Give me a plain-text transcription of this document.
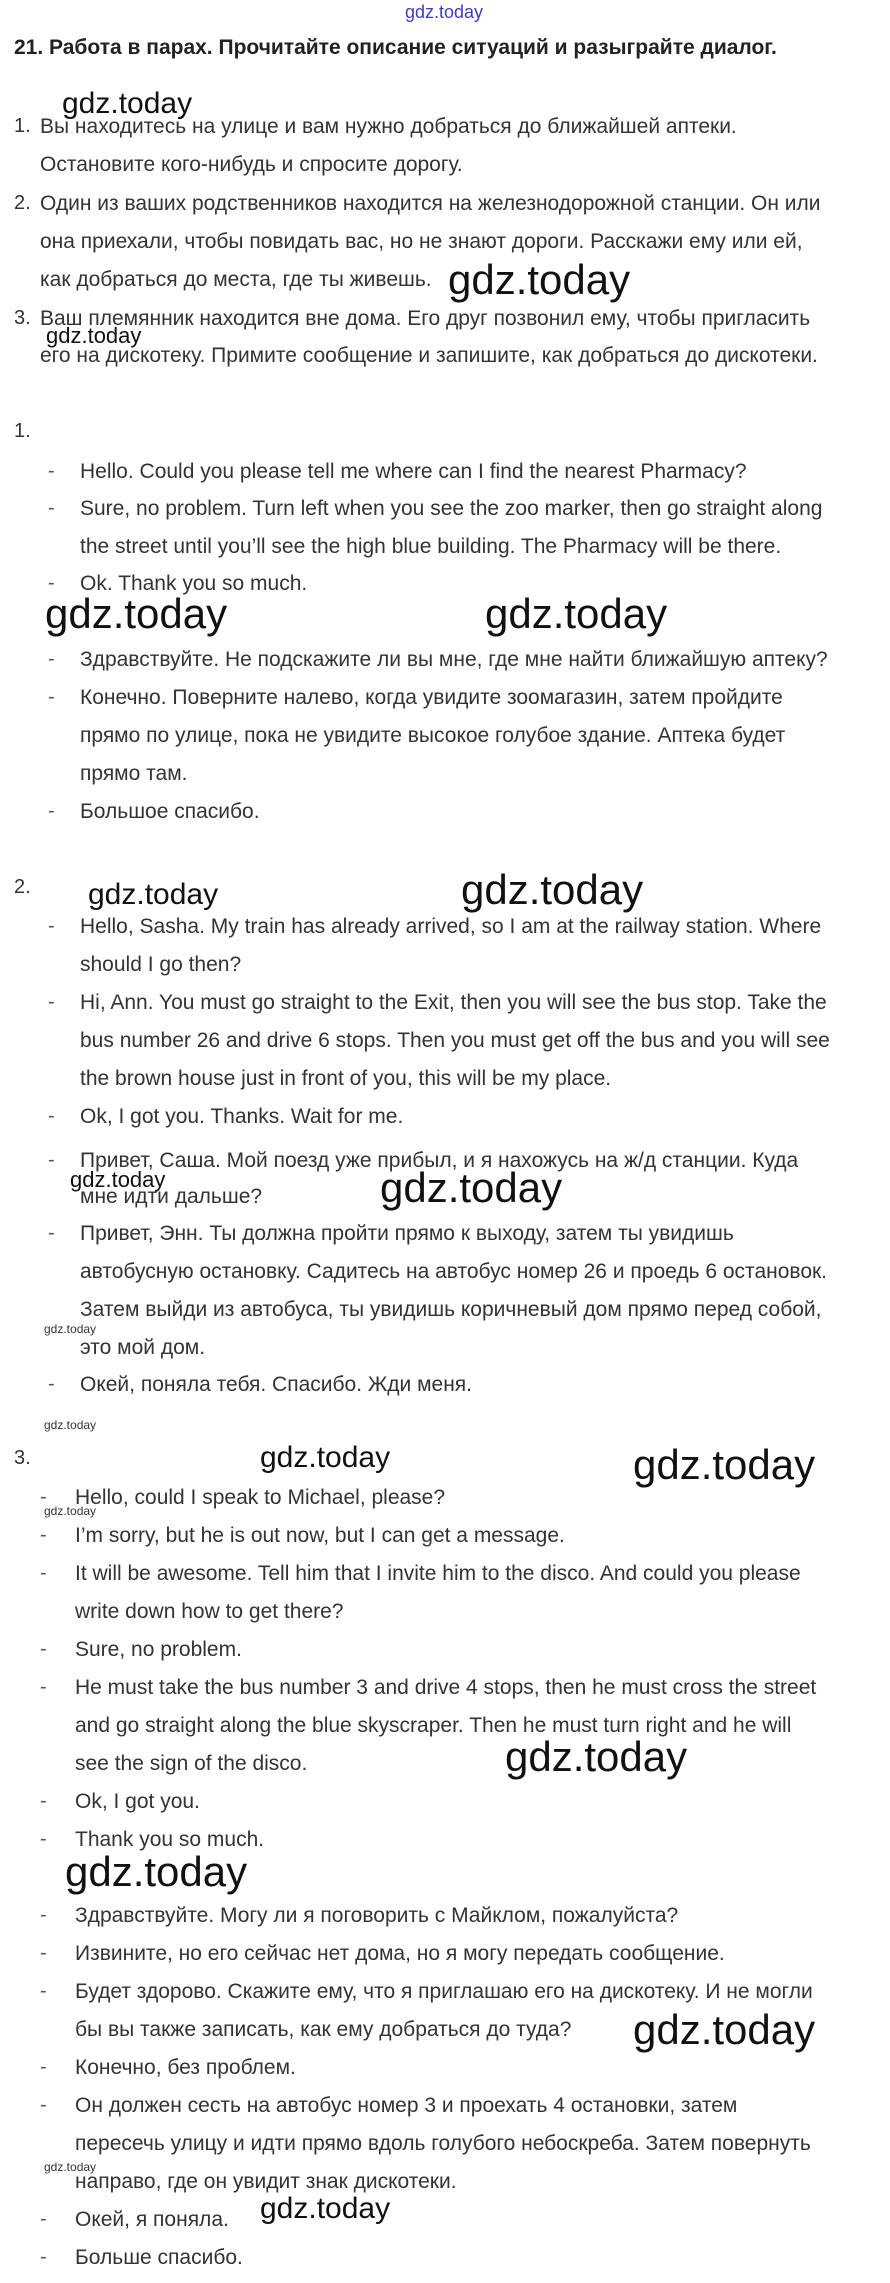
gdz.today
21. Работа в парах. Прочитайте описание ситуаций и разыграйте диалог.
1. Вы находитесь на улице и вам нужно добраться до ближайшей аптеки.
Остановите кого-нибудь и спросите дорогу.
2. Один из ваших родственников находится на железнодорожной станции. Он или
она приехали, чтобы повидать вас, но не знают дороги. Расскажи ему или ей,
как добраться до места, где ты живешь.
3. Ваш племянник находится вне дома. Его друг позвонил ему, чтобы пригласить
его на дискотеку. Примите сообщение и запишите, как добраться до дискотеки.
1.
- Hello. Could you please tell me where can I find the nearest Pharmacy?
- Sure, no problem. Turn left when you see the zoo marker, then go straight along
the street until you’ll see the high blue building. The Pharmacy will be there.
- Ok. Thank you so much.
- Здравствуйте. Не подскажите ли вы мне, где мне найти ближайшую аптеку?
- Конечно. Поверните налево, когда увидите зоомагазин, затем пройдите
прямо по улице, пока не увидите высокое голубое здание. Аптека будет
прямо там.
- Большое спасибо.
2.
- Hello, Sasha. My train has already arrived, so I am at the railway station. Where
should I go then?
- Hi, Ann. You must go straight to the Exit, then you will see the bus stop. Take the
bus number 26 and drive 6 stops. Then you must get off the bus and you will see
the brown house just in front of you, this will be my place.
- Ok, I got you. Thanks. Wait for me.
- Привет, Саша. Мой поезд уже прибыл, и я нахожусь на ж/д станции. Куда
мне идти дальше?
- Привет, Энн. Ты должна пройти прямо к выходу, затем ты увидишь
автобусную остановку. Садитесь на автобус номер 26 и проедь 6 остановок.
Затем выйди из автобуса, ты увидишь коричневый дом прямо перед собой,
это мой дом.
- Окей, поняла тебя. Спасибо. Жди меня.
3.
- Hello, could I speak to Michael, please?
- I’m sorry, but he is out now, but I can get a message.
- It will be awesome. Tell him that I invite him to the disco. And could you please
write down how to get there?
- Sure, no problem.
- He must take the bus number 3 and drive 4 stops, then he must cross the street
and go straight along the blue skyscraper. Then he must turn right and he will
see the sign of the disco.
- Ok, I got you.
- Thank you so much.
- Здравствуйте. Могу ли я поговорить с Майклом, пожалуйста?
- Извините, но его сейчас нет дома, но я могу передать сообщение.
- Будет здорово. Скажите ему, что я приглашаю его на дискотеку. И не могли
бы вы также записать, как ему добраться до туда?
- Конечно, без проблем.
- Он должен сесть на автобус номер 3 и проехать 4 остановки, затем
пересечь улицу и идти прямо вдоль голубого небоскреба. Затем повернуть
направо, где он увидит знак дискотеки.
- Окей, я поняла.
- Больше спасибо.
gdz.today
gdz.today
gdz.today
gdz.today	gdz.today
gdz.today	gdz.today
gdz.today	gdz.today
gdz.today
gdz.today
gdz.today	gdz.today
gdz.today
gdz.today
gdz.today
gdz.today
gdz.today
gdz.today
